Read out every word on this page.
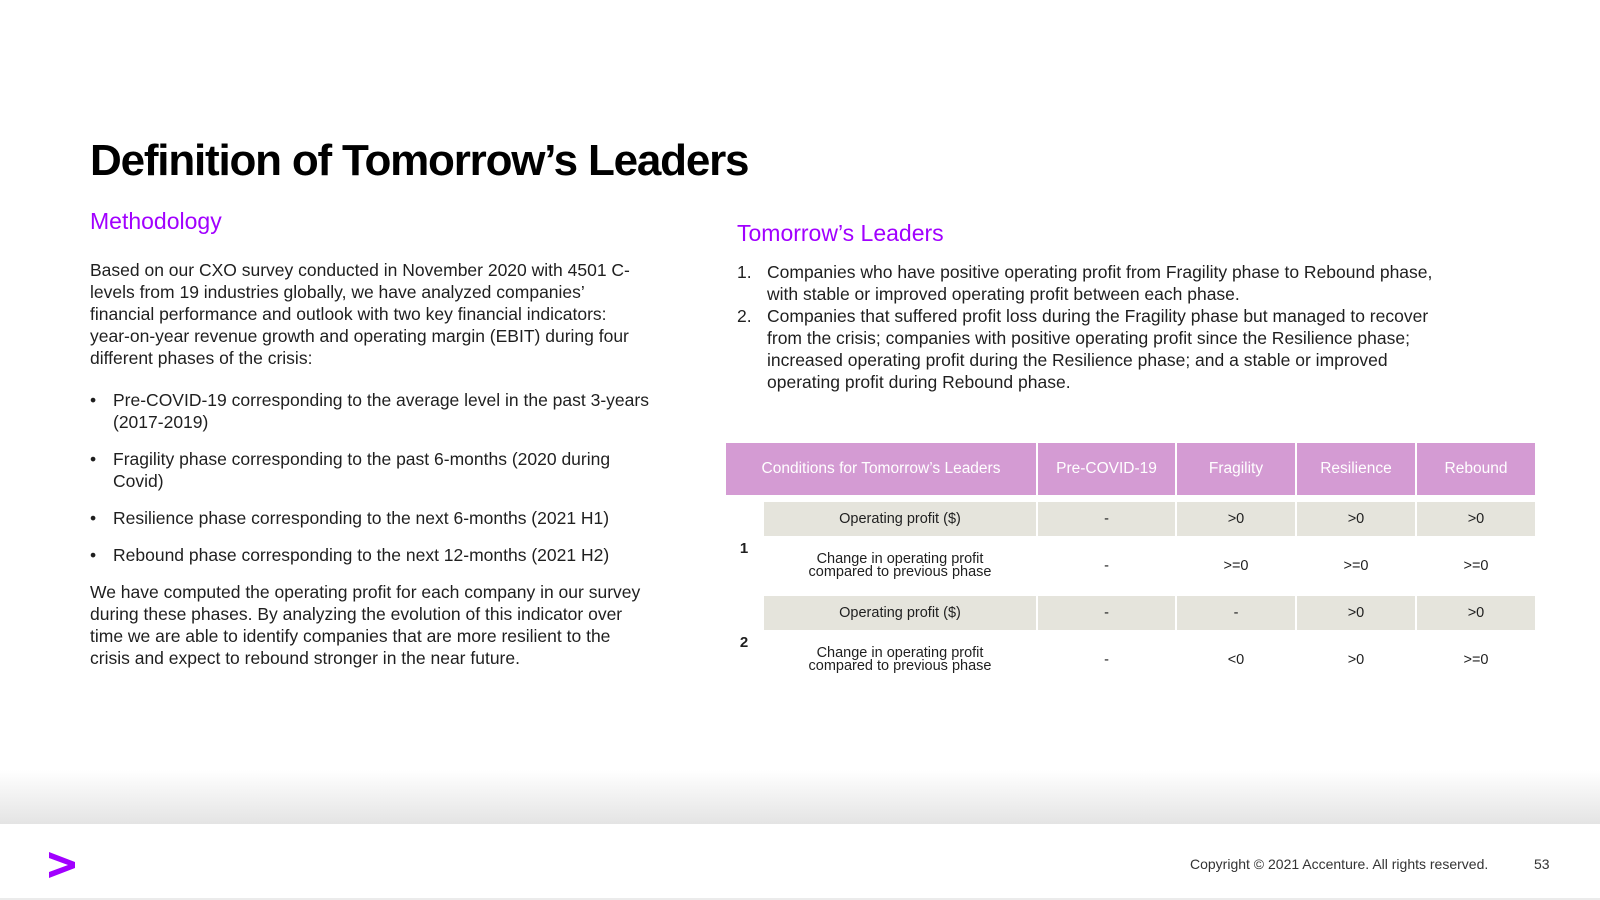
Definition of Tomorrow’s Leaders
Methodology

Based on our CXO survey conducted in November 2020 with 4501 C-levels from 19 industries globally, we have analyzed companies’ financial performance and outlook with two key financial indicators: year-on-year revenue growth and operating margin (EBIT) during four different phases of the crisis:

• Pre-COVID-19 corresponding to the average level in the past 3-years (2017-2019)
• Fragility phase corresponding to the past 6-months (2020 during Covid)
• Resilience phase corresponding to the next 6-months (2021 H1)
• Rebound phase corresponding to the next 12-months (2021 H2)

We have computed the operating profit for each company in our survey during these phases. By analyzing the evolution of this indicator over time we are able to identify companies that are more resilient to the crisis and expect to rebound stronger in the near future.

Tomorrow’s Leaders
1. Companies who have positive operating profit from Fragility phase to Rebound phase, with stable or improved operating profit between each phase.
2. Companies that suffered profit loss during the Fragility phase but managed to recover from the crisis; companies with positive operating profit since the Resilience phase; increased operating profit during the Resilience phase; and a stable or improved operating profit during Rebound phase.
Conditions for Tomorrow’s Leaders		Pre-COVID-19	Fragility	Resilience	Rebound

1	Operating profit ($)	-	>0	>0	>0
	Change in operating profit compared to previous phase	-	>=0	>=0	>=0
2	Operating profit ($)	-	-	>0	>0
	Change in operating profit compared to previous phase	-	<0	>0	>=0
Copyright © 2021 Accenture. All rights reserved.	53
